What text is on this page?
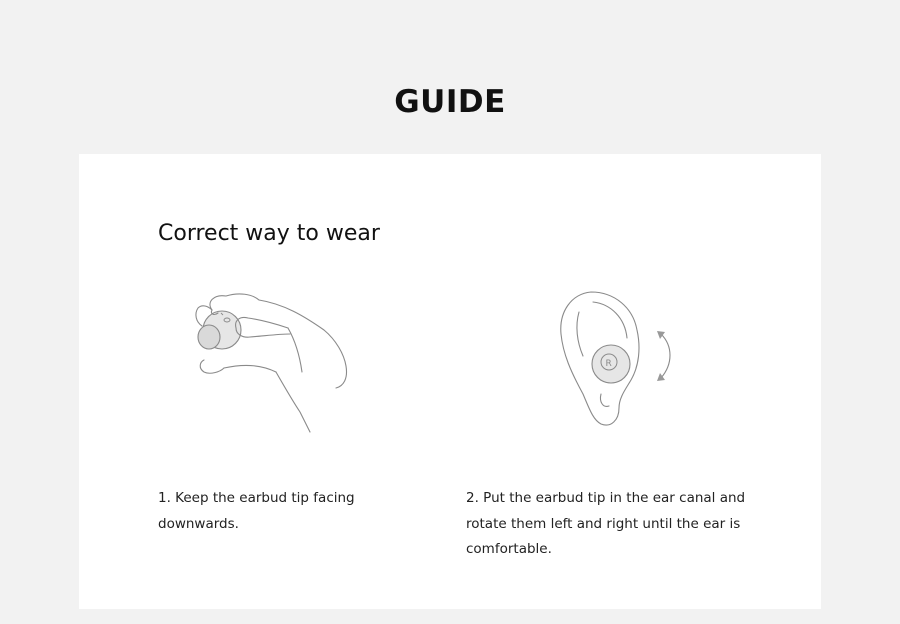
GUIDE
Correct way to wear
R

1. Keep the earbud tip facing downwards.

2. Put the earbud tip in the ear canal and rotate them left and right until the ear is comfortable.
